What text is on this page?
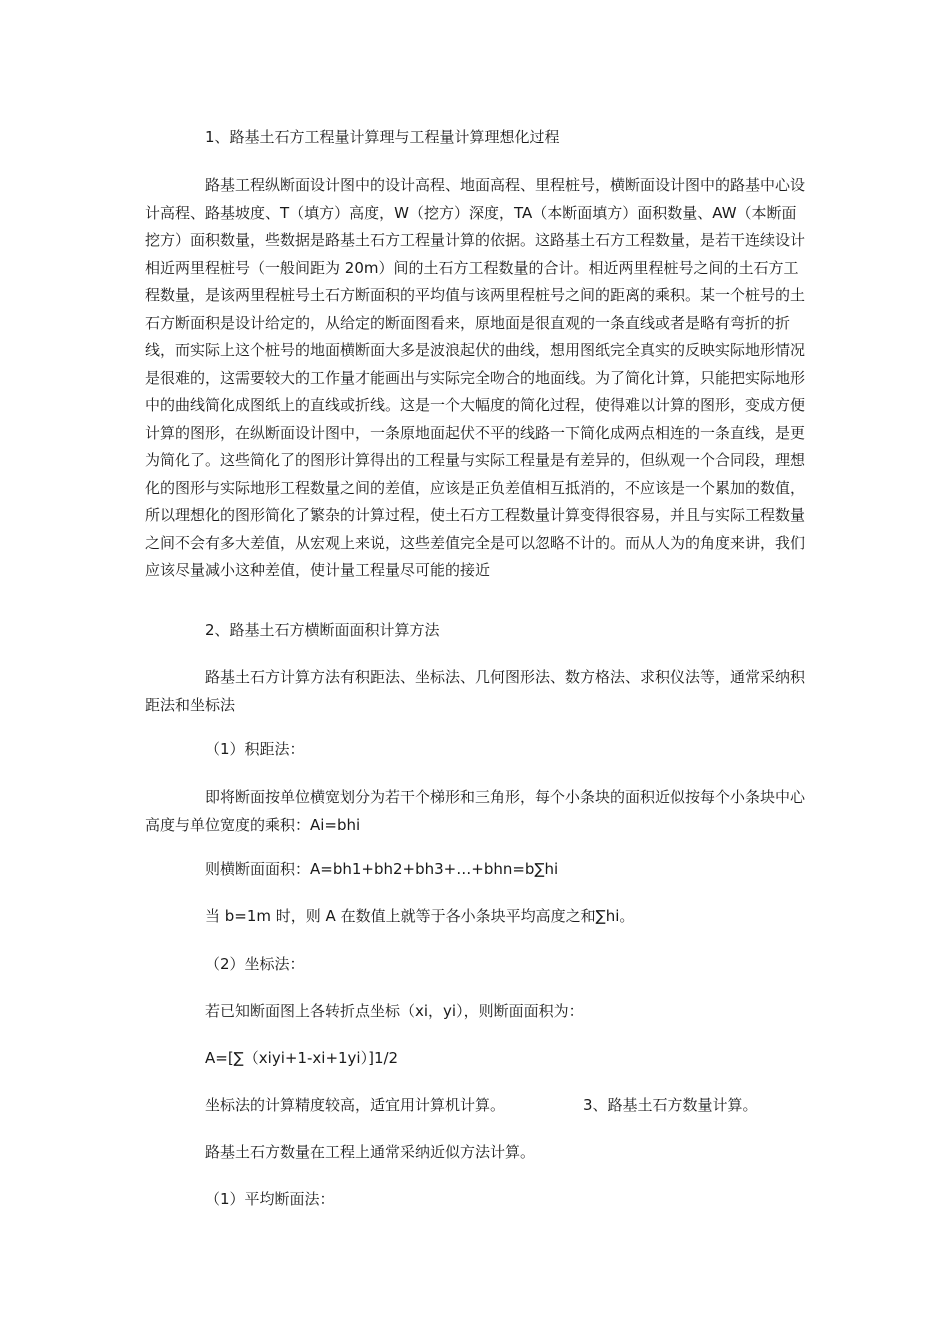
1、路基土石方工程量计算理与工程量计算理想化过程

路基工程纵断面设计图中的设计高程、地面高程、里程桩号，横断面设计图中的路基中心设计高程、路基坡度、T（填方）高度，W（挖方）深度，TA（本断面填方）面积数量、AW（本断面挖方）面积数量，些数据是路基土石方工程量计算的依据。这路基土石方工程数量，是若干连续设计相近两里程桩号（一般间距为 20m）间的土石方工程数量的合计。相近两里程桩号之间的土石方工程数量，是该两里程桩号土石方断面积的平均值与该两里程桩号之间的距离的乘积。某一个桩号的土石方断面积是设计给定的，从给定的断面图看来，原地面是很直观的一条直线或者是略有弯折的折线，而实际上这个桩号的地面横断面大多是波浪起伏的曲线，想用图纸完全真实的反映实际地形情况是很难的，这需要较大的工作量才能画出与实际完全吻合的地面线。为了简化计算，只能把实际地形中的曲线简化成图纸上的直线或折线。这是一个大幅度的简化过程，使得难以计算的图形，变成方便计算的图形，在纵断面设计图中，一条原地面起伏不平的线路一下简化成两点相连的一条直线，是更为简化了。这些简化了的图形计算得出的工程量与实际工程量是有差异的，但纵观一个合同段，理想化的图形与实际地形工程数量之间的差值，应该是正负差值相互抵消的，不应该是一个累加的数值，所以理想化的图形简化了繁杂的计算过程，使土石方工程数量计算变得很容易，并且与实际工程数量之间不会有多大差值，从宏观上来说，这些差值完全是可以忽略不计的。而从人为的角度来讲，我们应该尽量减小这种差值，使计量工程量尽可能的接近

2、路基土石方横断面面积计算方法

路基土石方计算方法有积距法、坐标法、几何图形法、数方格法、求积仪法等，通常采纳积距法和坐标法

（1）积距法：

即将断面按单位横宽划分为若干个梯形和三角形，每个小条块的面积近似按每个小条块中心高度与单位宽度的乘积：Ai=bhi

则横断面面积：A=bh1+bh2+bh3+…+bhn=b∑hi

当 b=1m 时，则 A 在数值上就等于各小条块平均高度之和∑hi。

（2）坐标法：

若已知断面图上各转折点坐标（xi，yi），则断面面积为：

A=[∑（xiyi+1-xi+1yi）]1/2

坐标法的计算精度较高，适宜用计算机计算。	3、路基土石方数量计算。

路基土石方数量在工程上通常采纳近似方法计算。

（1）平均断面法：
